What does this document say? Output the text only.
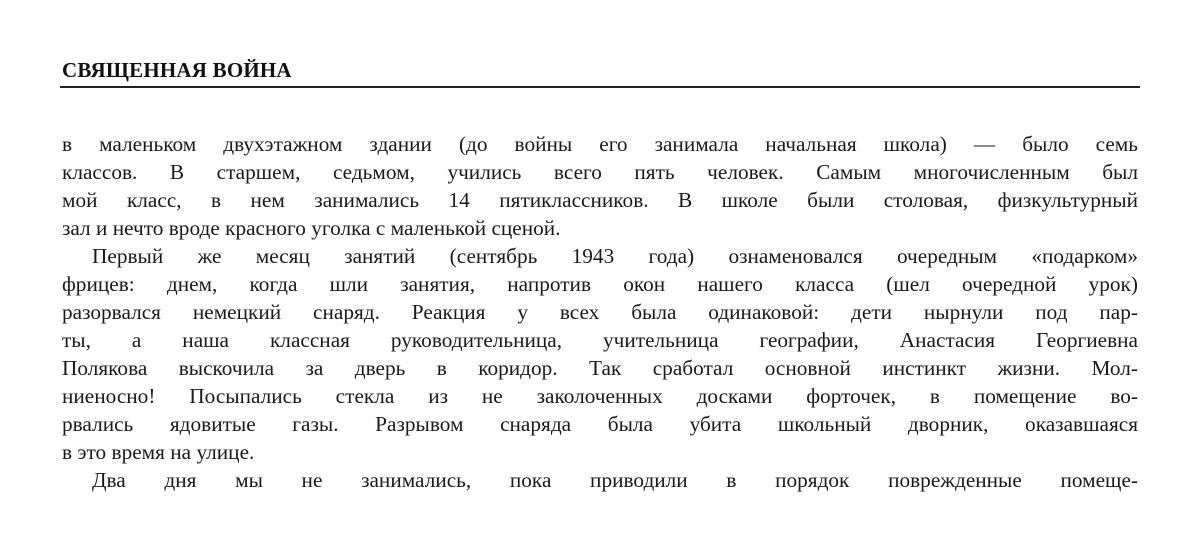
СВЯЩЕННАЯ ВОЙНА
в маленьком двухэтажном здании (до войны его занимала начальная школа) — было семь
классов. В старшем, седьмом, учились всего пять человек. Самым многочисленным был
мой класс, в нем занимались 14 пятиклассников. В школе были столовая, физкультурный
зал и нечто вроде красного уголка с маленькой сценой.
Первый же месяц занятий (сентябрь 1943 года) ознаменовался очередным «подарком»
фрицев: днем, когда шли занятия, напротив окон нашего класса (шел очередной урок)
разорвался немецкий снаряд. Реакция у всех была одинаковой: дети нырнули под пар-
ты, а наша классная руководительница, учительница географии, Анастасия Георгиевна
Полякова выскочила за дверь в коридор. Так сработал основной инстинкт жизни. Мол-
ниеносно! Посыпались стекла из не заколоченных досками форточек, в помещение во-
рвались ядовитые газы. Разрывом снаряда была убита школьный дворник, оказавшаяся
в это время на улице.
Два дня мы не занимались, пока приводили в порядок поврежденные помеще-
